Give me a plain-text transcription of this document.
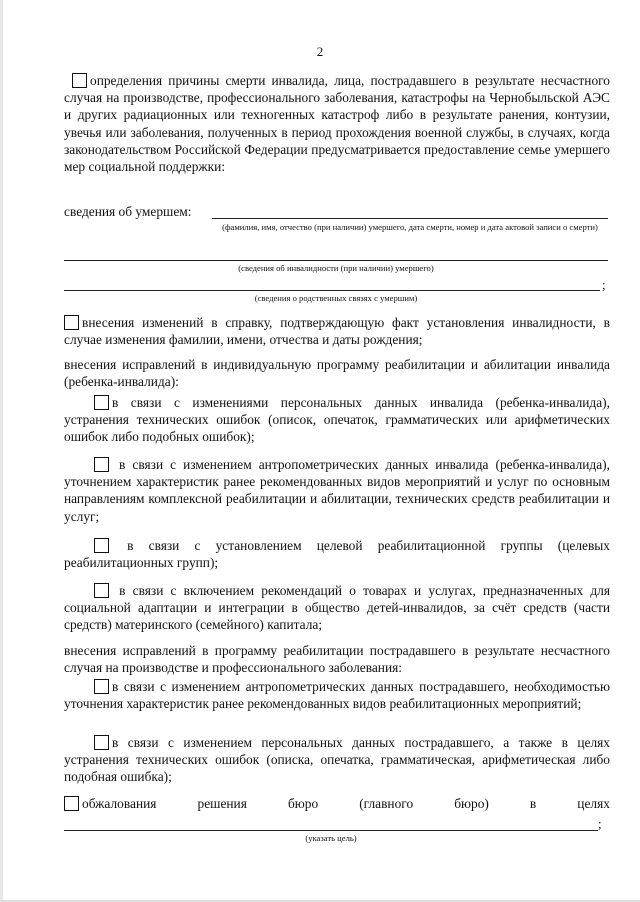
2
определения причины смерти инвалида, лица, пострадавшего в результате несчастного случая на производстве, профессионального заболевания, катастрофы на Чернобыльской АЭС и других радиационных или техногенных катастроф либо в результате ранения, контузии, увечья или заболевания, полученных в период прохождения военной службы, в случаях, когда законодательством Российской Федерации предусматривается предоставление семье умершего мер социальной поддержки:
сведения об умершем:
(фамилия, имя, отчество (при наличии) умершего, дата смерти, номер и дата актовой записи о смерти)
(сведения об инвалидности (при наличии) умершего)
;
(сведения о родственных связях с умершим)
внесения изменений в справку, подтверждающую факт установления инвалидности, в случае изменения фамилии, имени, отчества и даты рождения;
внесения исправлений в индивидуальную программу реабилитации и абилитации инвалида (ребенка-инвалида):
в связи с изменениями персональных данных инвалида (ребенка-инвалида), устранения технических ошибок (описок, опечаток, грамматических или арифметических ошибок либо подобных ошибок);
в связи с изменением антропометрических данных инвалида (ребенка-инвалида), уточнением характеристик ранее рекомендованных видов мероприятий и услуг по основным направлениям комплексной реабилитации и абилитации, технических средств реабилитации и услуг;
в связи с установлением целевой реабилитационной группы (целевых реабилитационных групп);
в связи с включением рекомендаций о товарах и услугах, предназначенных для социальной адаптации и интеграции в общество детей-инвалидов, за счёт средств (части средств) материнского (семейного) капитала;
внесения исправлений в программу реабилитации пострадавшего в результате несчастного случая на производстве и профессионального заболевания:
в связи с изменением антропометрических данных пострадавшего, необходимостью уточнения характеристик ранее рекомендованных видов реабилитационных мероприятий;
в связи с изменением персональных данных пострадавшего, а также в целях устранения технических ошибок (описка, опечатка, грамматическая, арифметическая либо подобная ошибка);
обжалования	решения	бюро	(главного	бюро)	в	целях
;
(указать цель)
